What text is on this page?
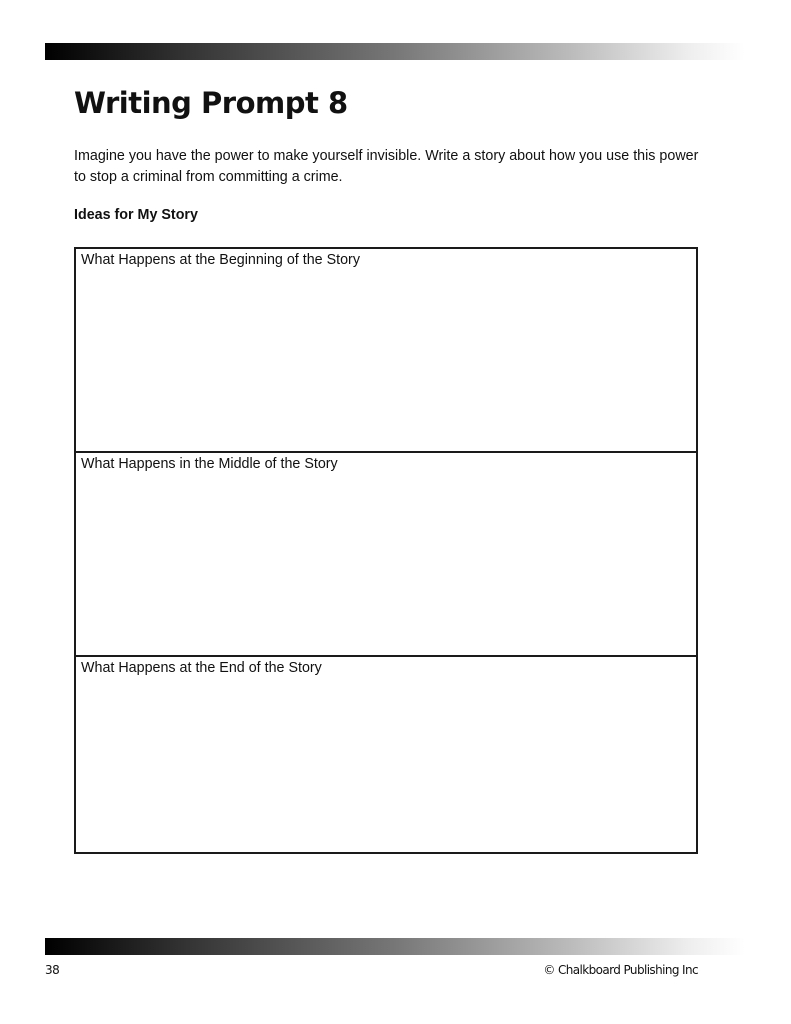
Writing Prompt 8

Imagine you have the power to make yourself invisible. Write a story about how you use this power to stop a criminal from committing a crime.

Ideas for My Story
What Happens at the Beginning of the Story
What Happens in the Middle of the Story
What Happens at the End of the Story
38	© Chalkboard Publishing Inc
